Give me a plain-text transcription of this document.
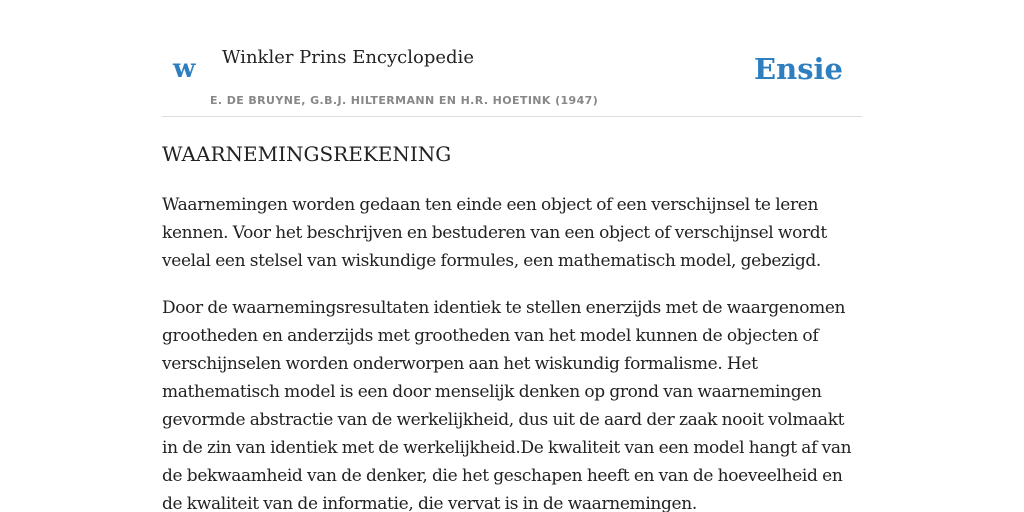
w Winkler Prins Encyclopedie
E. DE BRUYNE, G.B.J. HILTERMANN EN H.R. HOETINK (1947)
Ensie
WAARNEMINGSREKENING

Waarnemingen worden gedaan ten einde een object of een verschijnsel te leren kennen. Voor het beschrijven en bestuderen van een object of verschijnsel wordt veelal een stelsel van wiskundige formules, een mathematisch model, gebezigd.

Door de waarnemingsresultaten identiek te stellen enerzijds met de waargenomen grootheden en anderzijds met grootheden van het model kunnen de objecten of verschijnselen worden onderworpen aan het wiskundig formalisme. Het mathematisch model is een door menselijk denken op grond van waarnemingen gevormde abstractie van de werkelijkheid, dus uit de aard der zaak nooit volmaakt in de zin van identiek met de werkelijkheid.De kwaliteit van een model hangt af van de bekwaamheid van de denker, die het geschapen heeft en van de hoeveelheid en de kwaliteit van de informatie, die vervat is in de waarnemingen.
